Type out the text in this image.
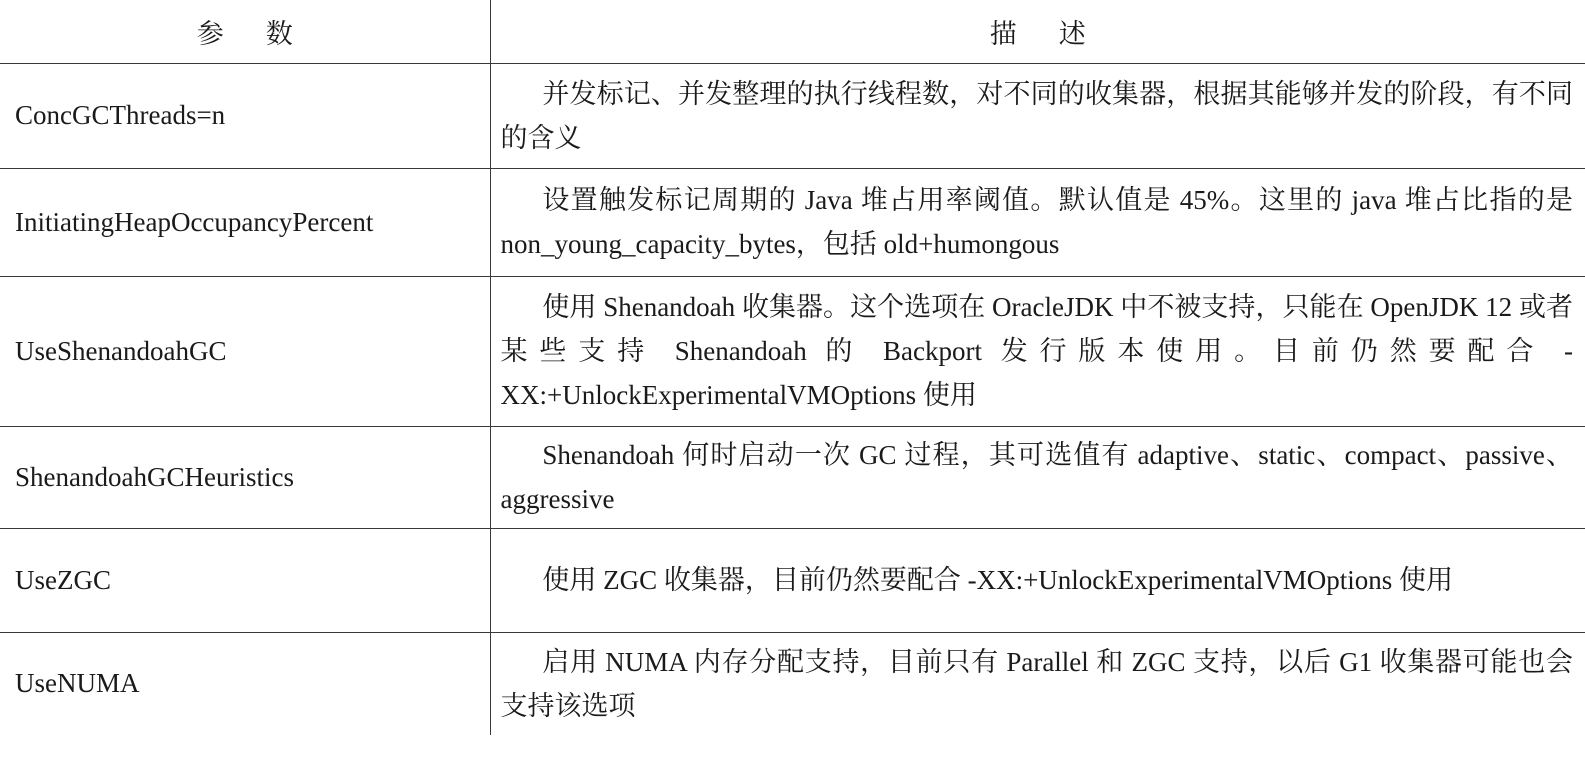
参数	描述
ConcGCThreads=n	并发标记、并发整理的执行线程数，对不同的收集器，根据其能够并发的阶段，有不同的含义
InitiatingHeapOccupancyPercent	设置触发标记周期的 Java 堆占用率阈值。默认值是 45%。这里的 java 堆占比指的是 non_young_capacity_bytes，包括 old+humongous
UseShenandoahGC	使用 Shenandoah 收集器。这个选项在 OracleJDK 中不被支持，只能在 OpenJDK 12 或者某些支持 Shenandoah 的 Backport 发行版本使用。目前仍然要配合 -XX:+UnlockExperimentalVMOptions 使用
ShenandoahGCHeuristics	Shenandoah 何时启动一次 GC 过程，其可选值有 adaptive、static、compact、passive、aggressive
UseZGC	使用 ZGC 收集器，目前仍然要配合 -XX:+UnlockExperimentalVMOptions 使用
UseNUMA	启用 NUMA 内存分配支持，目前只有 Parallel 和 ZGC 支持，以后 G1 收集器可能也会支持该选项
